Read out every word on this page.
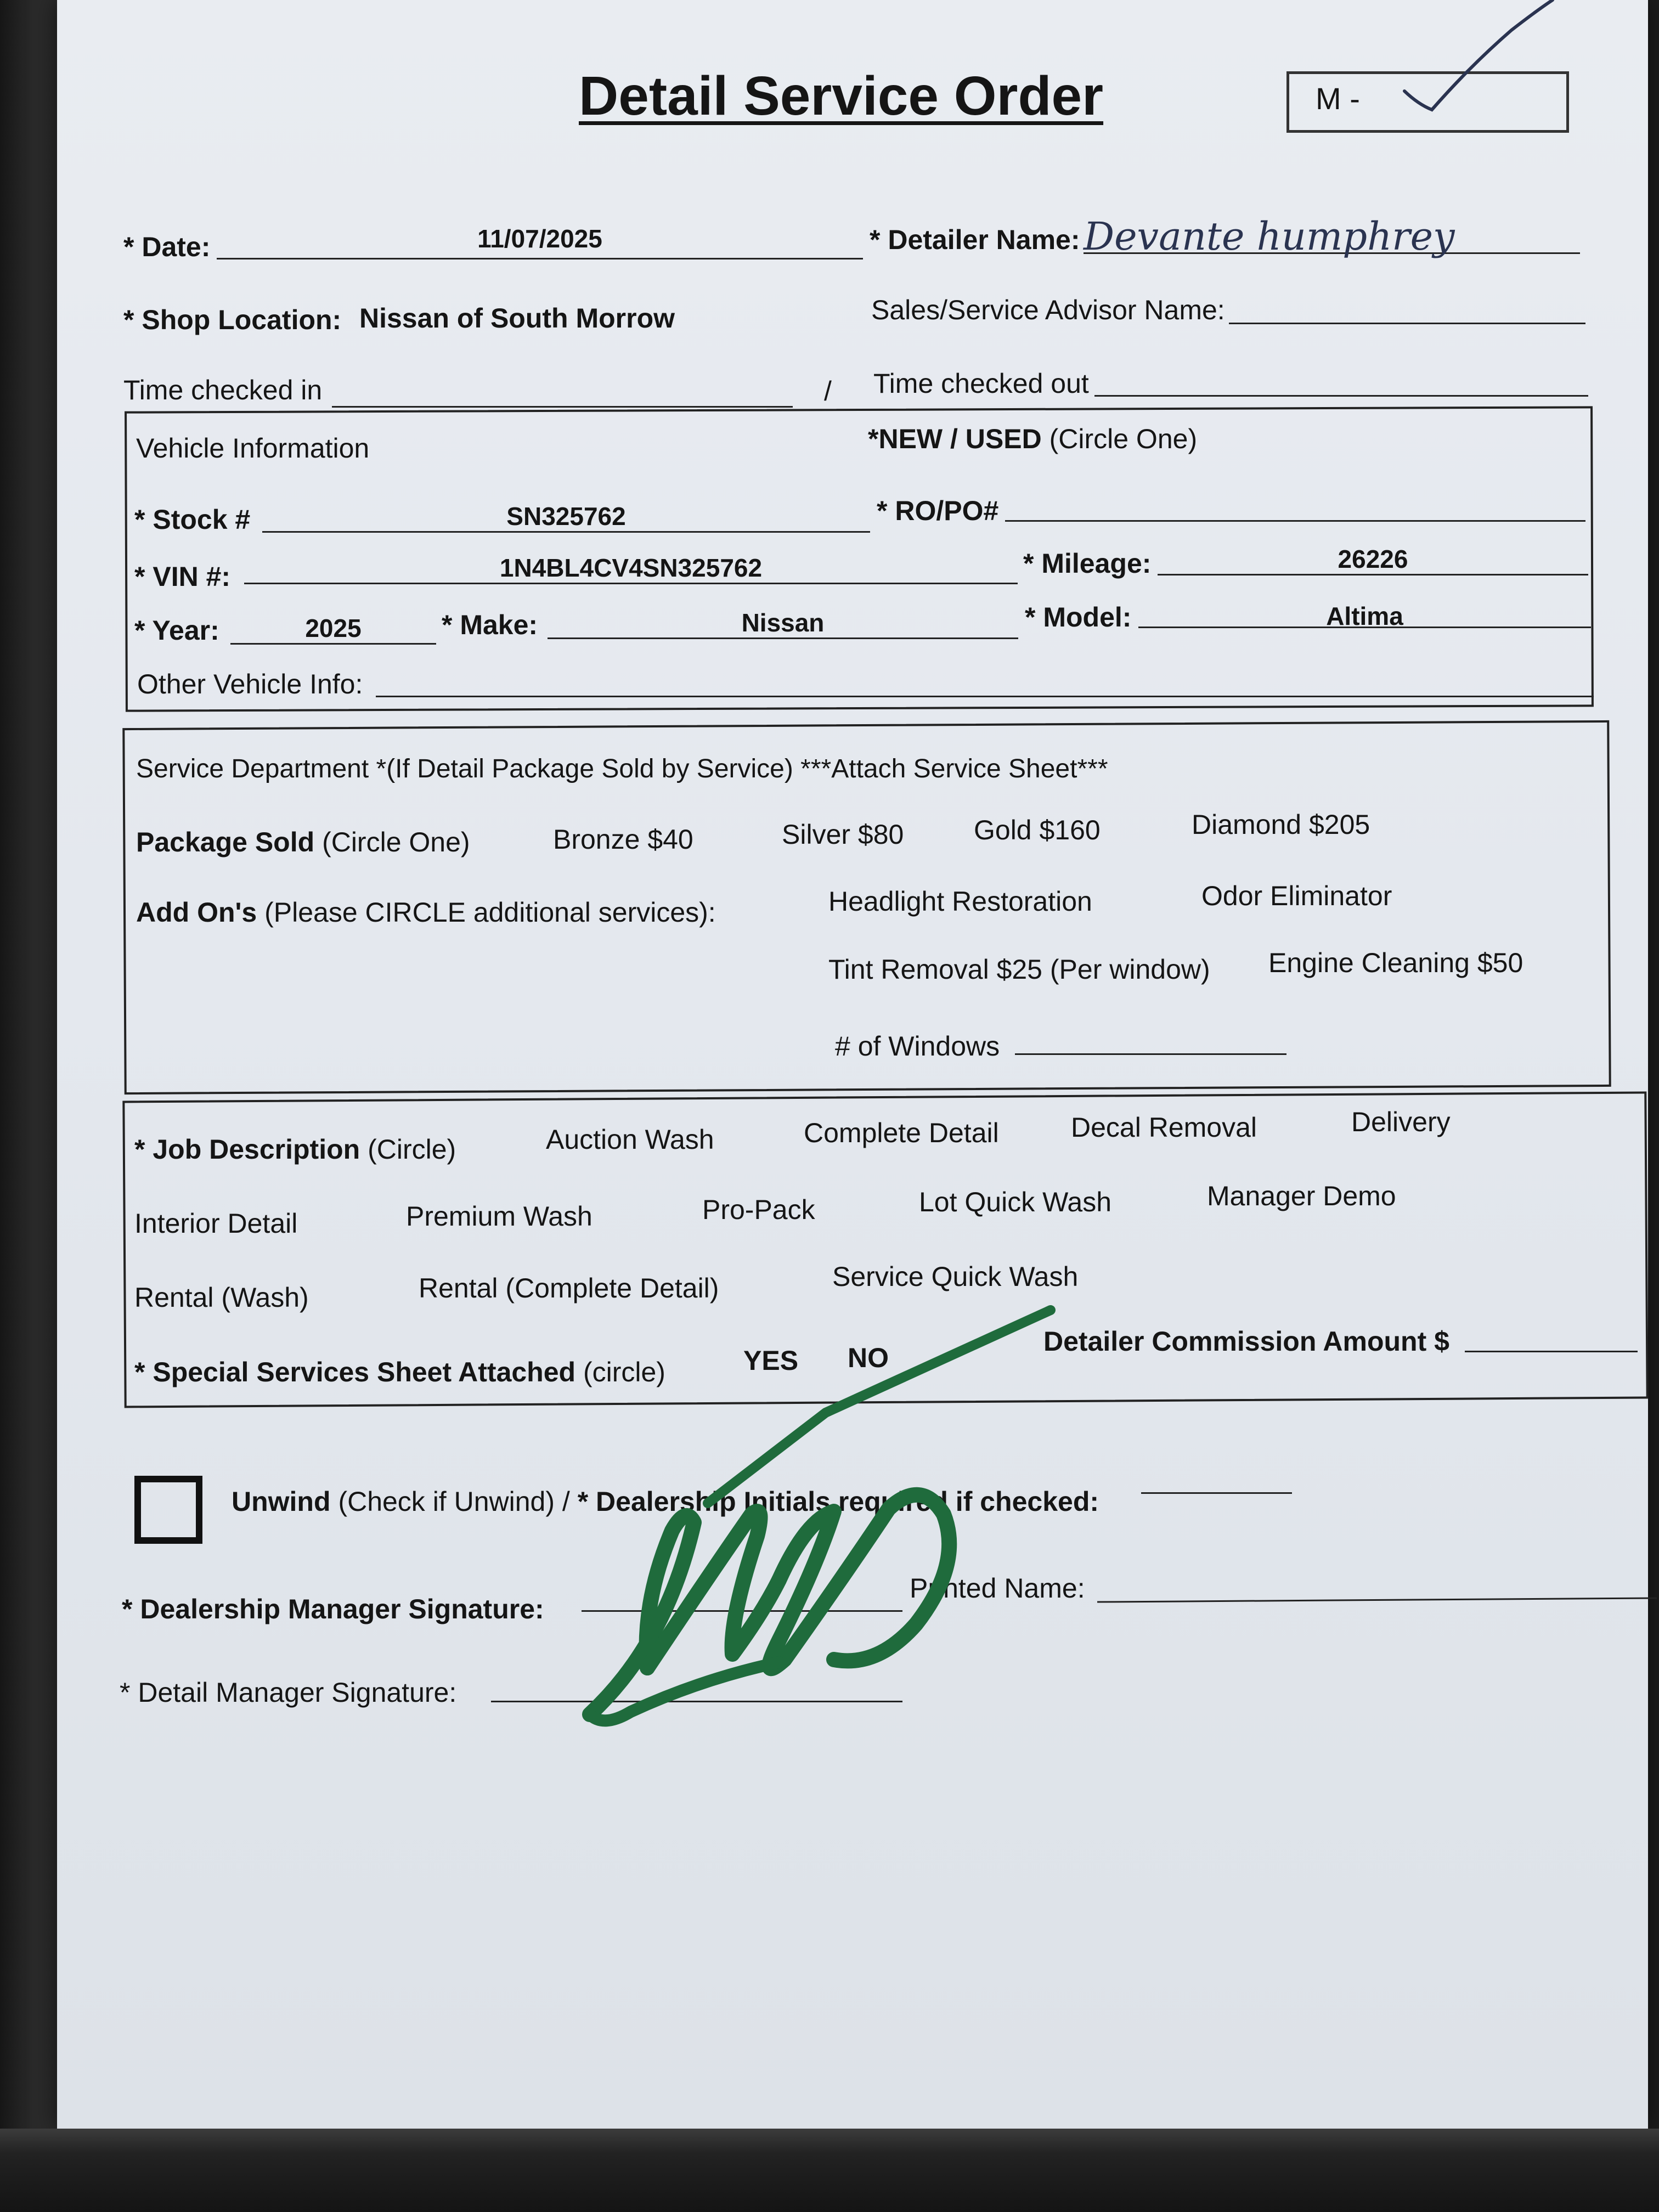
Detail Service Order	M -
* Date:	11/07/2025	* Detailer Name: Devante humphrey
* Shop Location: Nissan of South Morrow	Sales/Service Advisor Name:
Time checked in	/ Time checked out
Vehicle Information	*NEW / USED (Circle One)
* Stock #	SN325762	* RO/PO#
* VIN #:	1N4BL4CV4SN325762	* Mileage:	26226
* Year:	2025	* Make:	Nissan	* Model:	Altima
Other Vehicle Info:
Service Department *(If Detail Package Sold by Service) ***Attach Service Sheet***
Package Sold (Circle One)	Bronze $40	Silver $80	Gold $160	Diamond $205
Add On's (Please CIRCLE additional services):	Headlight Restoration	Odor Eliminator
Tint Removal $25 (Per window) Engine Cleaning $50
# of Windows
* Job Description (Circle)	Auction Wash	Complete Detail	Decal Removal	Delivery
Interior Detail	Premium Wash	Pro-Pack	Lot Quick Wash	Manager Demo
Rental (Wash)	Rental (Complete Detail)	Service Quick Wash
* Special Services Sheet Attached (circle)	YES NO
Detailer Commission Amount $
Unwind (Check if Unwind) / * Dealership Initials required if checked:
* Dealership Manager Signature:
Printed Name:
* Detail Manager Signature:
